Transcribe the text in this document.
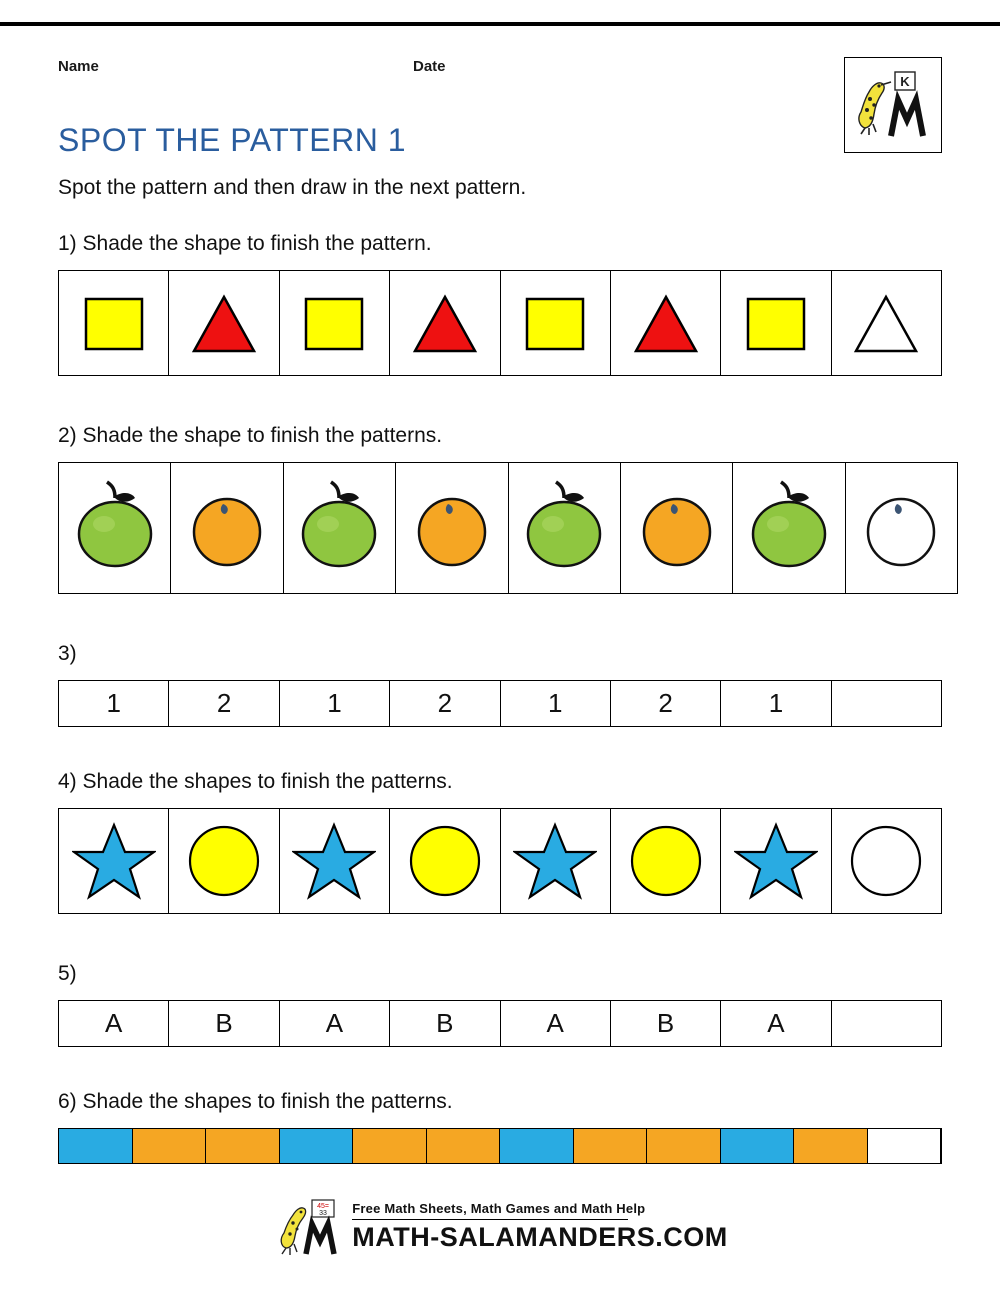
Name	Date
K
SPOT THE PATTERN 1
Spot the pattern and then draw in the next pattern.
1) Shade the shape to finish the pattern.
2) Shade the shape to finish the patterns.
3)
1	2	1	2	1	2	1
4) Shade the shapes to finish the patterns.
5)
A	B	A	B	A	B	A
6) Shade the shapes to finish the patterns.
45=
33 Free Math Sheets, Math Games and Math Help
MATH-SALAMANDERS.COM
